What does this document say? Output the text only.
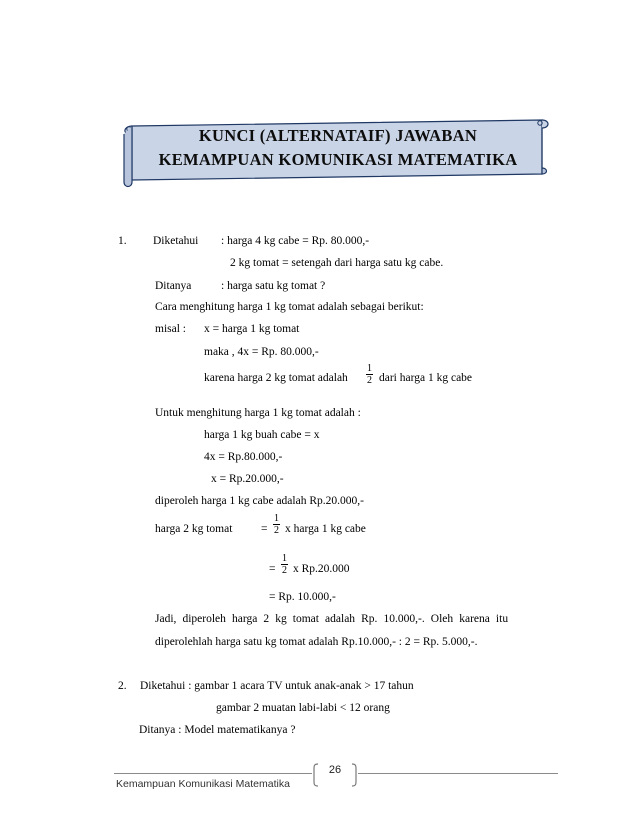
KUNCI (ALTERNATAIF) JAWABAN
KEMAMPUAN KOMUNIKASI MATEMATIKA
1. Diketahui : harga 4 kg cabe = Rp. 80.000,-
2 kg tomat = setengah dari harga satu kg cabe.
Ditanya	: harga satu kg tomat ?
Cara menghitung harga 1 kg tomat adalah sebagai berikut:
misal : x = harga 1 kg tomat
maka , 4x = Rp. 80.000,-
karena harga 2 kg tomat adalah $\frac{1}{2}$ dari harga 1 kg cabe
Untuk menghitung harga 1 kg tomat adalah :
harga 1 kg buah cabe = x
4x = Rp.80.000,-
x = Rp.20.000,-
diperoleh harga 1 kg cabe adalah Rp.20.000,-
harga 2 kg tomat = $\frac{1}{2}$ x harga 1 kg cabe
= $\frac{1}{2}$ x Rp.20.000
= Rp. 10.000,-
Jadi, diperoleh harga 2 kg tomat adalah Rp. 10.000,-. Oleh karena itu
diperolehlah harga satu kg tomat adalah Rp.10.000,- : 2 = Rp. 5.000,-.
2. Diketahui : gambar 1 acara TV untuk anak-anak > 17 tahun
gambar 2 muatan labi-labi < 12 orang
Ditanya : Model matematikanya ?
26
Kemampuan Komunikasi Matematika
